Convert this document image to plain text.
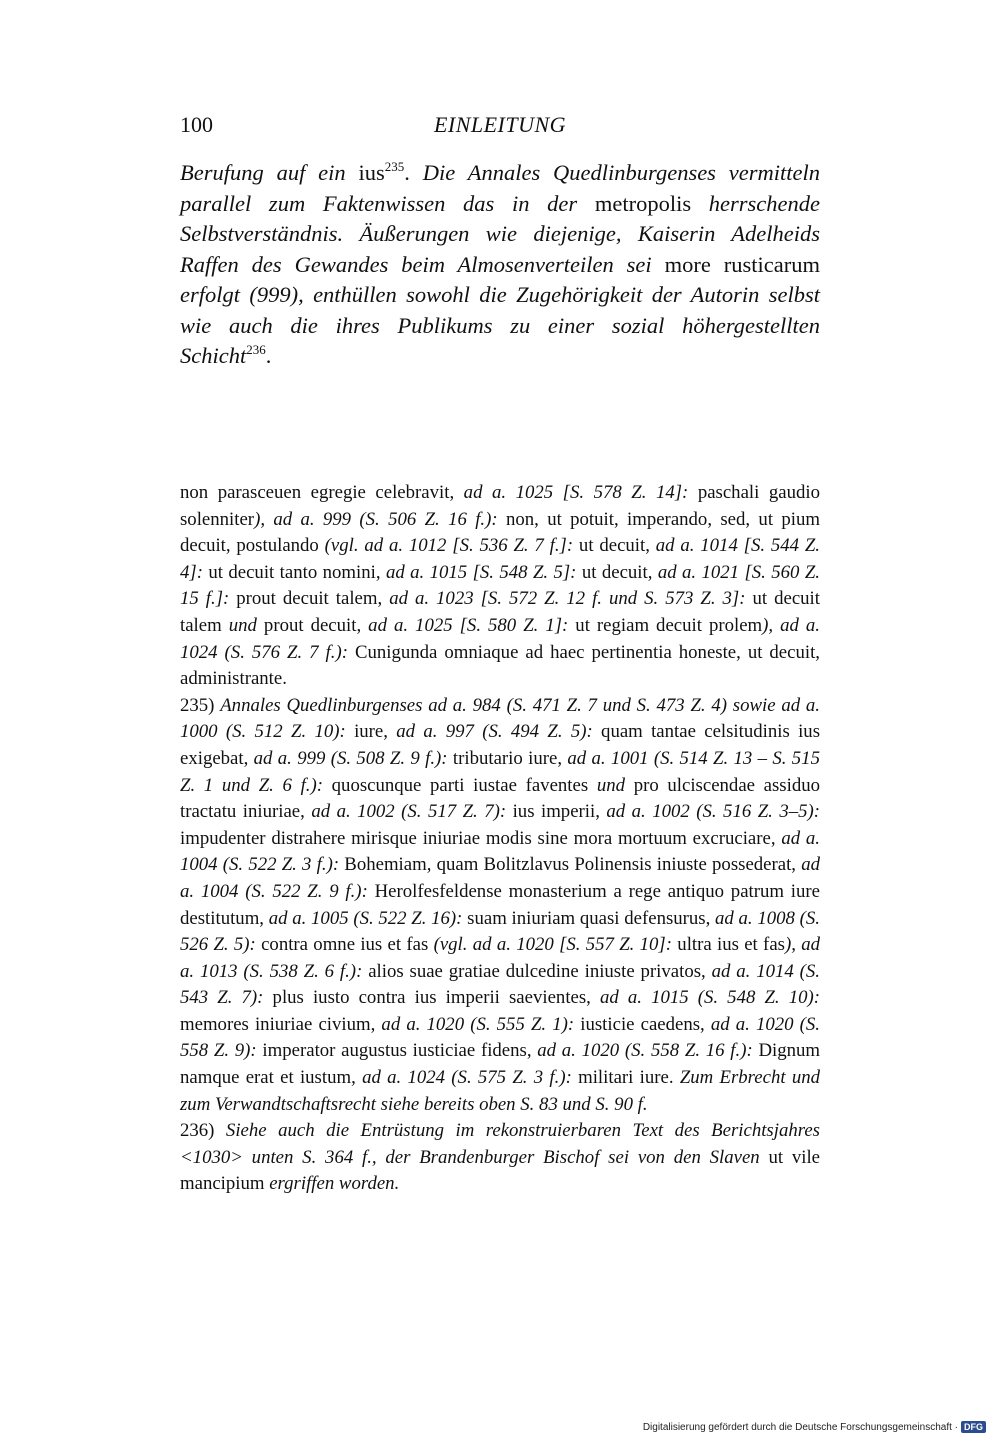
100	EINLEITUNG

Berufung auf ein ius$^{235}$. Die Annales Quedlinburgenses vermitteln parallel zum Faktenwissen das in der metropolis herrschende Selbstverständnis. Äußerungen wie diejenige, Kaiserin Adelheids Raffen des Gewandes beim Almosenverteilen sei more rusticarum erfolgt (999), enthüllen sowohl die Zugehörigkeit der Autorin selbst wie auch die ihres Publikums zu einer sozial höhergestellten Schicht$^{236}$.

non parasceuen egregie celebravit, ad a. 1025 [S. 578 Z. 14]: paschali gaudio solenniter), ad a. 999 (S. 506 Z. 16 f.): non, ut potuit, imperando, sed, ut pium decuit, postulando (vgl. ad a. 1012 [S. 536 Z. 7 f.]: ut decuit, ad a. 1014 [S. 544 Z. 4]: ut decuit tanto nomini, ad a. 1015 [S. 548 Z. 5]: ut decuit, ad a. 1021 [S. 560 Z. 15 f.]: prout decuit talem, ad a. 1023 [S. 572 Z. 12 f. und S. 573 Z. 3]: ut decuit talem und prout decuit, ad a. 1025 [S. 580 Z. 1]: ut regiam decuit prolem), ad a. 1024 (S. 576 Z. 7 f.): Cunigunda omniaque ad haec pertinentia honeste, ut decuit, administrante.

235) Annales Quedlinburgenses ad a. 984 (S. 471 Z. 7 und S. 473 Z. 4) sowie ad a. 1000 (S. 512 Z. 10): iure, ad a. 997 (S. 494 Z. 5): quam tantae celsitudinis ius exigebat, ad a. 999 (S. 508 Z. 9 f.): tributario iure, ad a. 1001 (S. 514 Z. 13 – S. 515 Z. 1 und Z. 6 f.): quoscunque parti iustae faventes und pro ulciscendae assiduo tractatu iniuriae, ad a. 1002 (S. 517 Z. 7): ius imperii, ad a. 1002 (S. 516 Z. 3–5): impudenter distrahere mirisque iniuriae modis sine mora mortuum excruciare, ad a. 1004 (S. 522 Z. 3 f.): Bohemiam, quam Bolitzlavus Polinensis iniuste possederat, ad a. 1004 (S. 522 Z. 9 f.): Herolfesfeldense monasterium a rege antiquo patrum iure destitutum, ad a. 1005 (S. 522 Z. 16): suam iniuriam quasi defensurus, ad a. 1008 (S. 526 Z. 5): contra omne ius et fas (vgl. ad a. 1020 [S. 557 Z. 10]: ultra ius et fas), ad a. 1013 (S. 538 Z. 6 f.): alios suae gratiae dulcedine iniuste privatos, ad a. 1014 (S. 543 Z. 7): plus iusto contra ius imperii saevientes, ad a. 1015 (S. 548 Z. 10): memores iniuriae civium, ad a. 1020 (S. 555 Z. 1): iusticie caedens, ad a. 1020 (S. 558 Z. 9): imperator augustus iusticiae fidens, ad a. 1020 (S. 558 Z. 16 f.): Dignum namque erat et iustum, ad a. 1024 (S. 575 Z. 3 f.): militari iure. Zum Erbrecht und zum Verwandtschaftsrecht siehe bereits oben S. 83 und S. 90 f.

236) Siehe auch die Entrüstung im rekonstruierbaren Text des Berichtsjahres <1030> unten S. 364 f., der Brandenburger Bischof sei von den Slaven ut vile mancipium ergriffen worden.

Digitalisierung gefördert durch die Deutsche Forschungsgemeinschaft · DFG
